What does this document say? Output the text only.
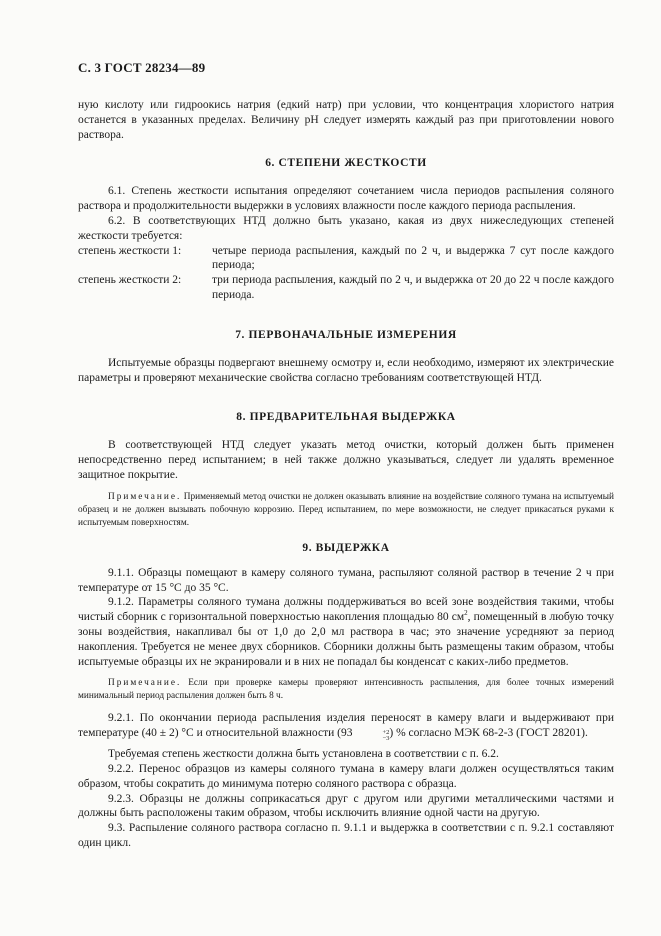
С. 3 ГОСТ 28234—89

ную кислоту или гидроокись натрия (едкий натр) при условии, что концентрация хлористого натрия останется в указанных пределах. Величину рН следует измерять каждый раз при приготовлении нового раствора.

6. СТЕПЕНИ ЖЕСТКОСТИ

6.1. Степень жесткости испытания определяют сочетанием числа периодов распыления соляного раствора и продолжительности выдержки в условиях влажности после каждого периода распыления.

6.2. В соответствующих НТД должно быть указано, какая из двух нижеследующих степеней жесткости требуется:

степень жесткости 1:	четыре периода распыления, каждый по 2 ч, и выдержка 7 сут после каждого периода;
степень жесткости 2:	три периода распыления, каждый по 2 ч, и выдержка от 20 до 22 ч после каждого периода.
7. ПЕРВОНАЧАЛЬНЫЕ ИЗМЕРЕНИЯ

Испытуемые образцы подвергают внешнему осмотру и, если необходимо, измеряют их электрические параметры и проверяют механические свойства согласно требованиям соответствующей НТД.

8. ПРЕДВАРИТЕЛЬНАЯ ВЫДЕРЖКА

В соответствующей НТД следует указать метод очистки, который должен быть применен непосредственно перед испытанием; в ней также должно указываться, следует ли удалять временное защитное покрытие.

Примечание. Применяемый метод очистки не должен оказывать влияние на воздействие соляного тумана на испытуемый образец и не должен вызывать побочную коррозию. Перед испытанием, по мере возможности, не следует прикасаться руками к испытуемым поверхностям.

9. ВЫДЕРЖКА

9.1.1. Образцы помещают в камеру соляного тумана, распыляют соляной раствор в течение 2 ч при температуре от 15 °С до 35 °С.

9.1.2. Параметры соляного тумана должны поддерживаться во всей зоне воздействия такими, чтобы чистый сборник с горизонтальной поверхностью накопления площадью 80 $см^2$, помещенный в любую точку зоны воздействия, накапливал бы от 1,0 до 2,0 мл раствора в час; это значение усредняют за период накопления. Требуется не менее двух сборников. Сборники должны быть размещены таким образом, чтобы испытуемые образцы их не экранировали и в них не попадал бы конденсат с каких-либо предметов.

Примечание. Если при проверке камеры проверяют интенсивность распыления, для более точных измерений минимальный период распыления должен быть 8 ч.

9.2.1. По окончании периода распыления изделия переносят в камеру влаги и выдерживают при температуре (40 ± 2) °С и относительной влажности (93	+2
−3 ) % согласно МЭК 68-2-3 (ГОСТ 28201).

Требуемая степень жесткости должна быть установлена в соответствии с п. 6.2.

9.2.2. Перенос образцов из камеры соляного тумана в камеру влаги должен осуществляться таким образом, чтобы сократить до минимума потерю соляного раствора с образца.

9.2.3. Образцы не должны соприкасаться друг с другом или другими металлическими частями и должны быть расположены таким образом, чтобы исключить влияние одной части на другую.

9.3. Распыление соляного раствора согласно п. 9.1.1 и выдержка в соответствии с п. 9.2.1 составляют один цикл.
